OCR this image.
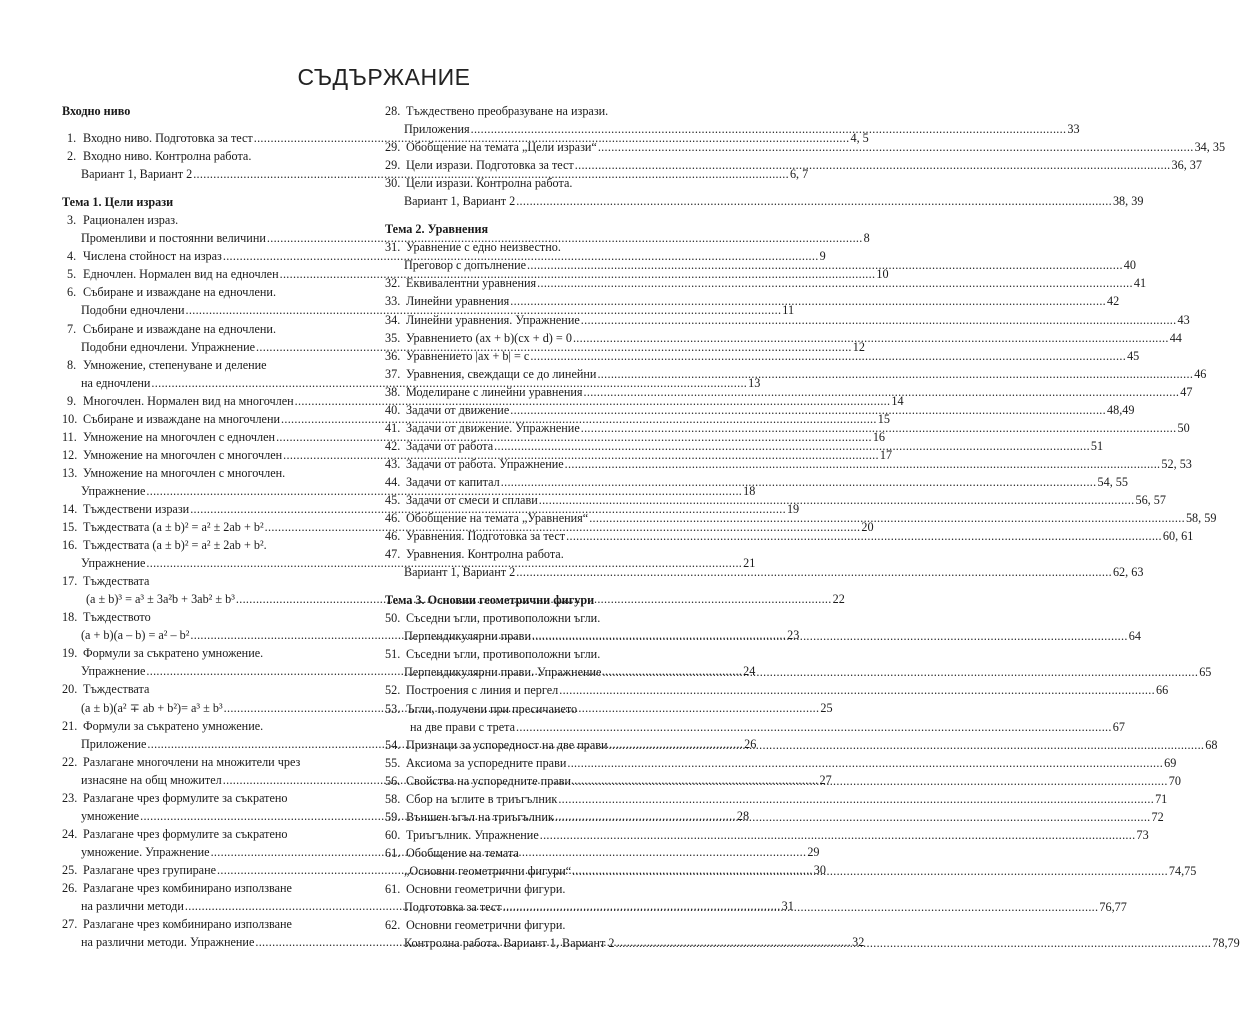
СЪДЪРЖАНИЕ
Входно ниво
1. Входно ниво. Подготовка за тест .....	4, 5
2. Входно ниво. Контролна работа.
Вариант 1, Вариант 2 .....	6, 7
Тема 1. Цели изрази
3. Рационален израз.
Променливи и постоянни величини .....	8
4. Числена стойност на израз .....	9
5. Едночлен. Нормален вид на едночлен .....	10
6. Събиране и изваждане на едночлени.
Подобни едночлени .....	11
7. Събиране и изваждане на едночлени.
Подобни едночлени. Упражнение .....	12
8. Умножение, степенуване и деление
на едночлени .....	13
9. Многочлен. Нормален вид на многочлен .....	14
10. Събиране и изваждане на многочлени .....	15
11. Умножение на многочлен с едночлен .....	16
12. Умножение на многочлен с многочлен .....	17
13. Умножение на многочлен с многочлен.
Упражнение .....	18
14. Тъждествени изрази .....	19
15. Тъждествата (a ± b)² = a² ± 2ab + b² .....	20
16. Тъждествата (a ± b)² = a² ± 2ab + b².
Упражнение .....	21
17. Тъждествата
(a ± b)³ = a³ ± 3a²b + 3ab² ± b³ .....	22
18. Тъждеството
(a + b)(a – b) = a² – b² .....	23
19. Формули за съкратено умножение.
Упражнение .....	24
20. Тъждествата
(a ± b)(a² ∓ ab + b²)= a³ ± b³ .....	25
21. Формули за съкратено умножение.
Приложение .....	26
22. Разлагане многочлени на множители чрез
изнасяне на общ множител .....	27
23. Разлагане чрез формулите за съкратено
умножение .....	28
24. Разлагане чрез формулите за съкратено
умножение. Упражнение .....	29
25. Разлагане чрез групиране .....	30
26. Разлагане чрез комбинирано използване
на различни методи .....	31
27. Разлагане чрез комбинирано използване
на различни методи. Упражнение .....	32
28. Тъждествено преобразуване на изрази.
Приложения .....	33
29. Обобщение на темата „Цели изрази“ .....	34, 35
29. Цели изрази. Подготовка за тест .....	36, 37
30. Цели изрази. Контролна работа.
Вариант 1, Вариант 2 .....	38, 39
Тема 2. Уравнения
31. Уравнение с едно неизвестно.
Преговор с допълнение .....	40
32. Еквивалентни уравнения .....	41
33. Линейни уравнения .....	42
34. Линейни уравнения. Упражнение .....	43
35. Уравнението (ax + b)(cx + d) = 0 .....	44
36. Уравнението |ax + b| = c .....	45
37. Уравнения, свеждащи се до линейни .....	46
38. Моделиране с линейни уравнения .....	47
40. Задачи от движение .....	48,49
41. Задачи от движение. Упражнение .....	50
42. Задачи от работа .....	51
43. Задачи от работа. Упражнение .....	52, 53
44. Задачи от капитал .....	54, 55
45. Задачи от смеси и сплави .....	56, 57
46. Обобщение на темата „Уравнения“ .....	58, 59
46. Уравнения. Подготовка за тест .....	60, 61
47. Уравнения. Контролна работа.
Вариант 1, Вариант 2 .....	62, 63
Тема 3. Основни геометрични фигури
50. Съседни ъгли, противоположни ъгли.
Перпендикулярни прави .....	64
51. Съседни ъгли, противоположни ъгли.
Перпендикулярни прави. Упражнение .....	65
52. Построения с линия и пергел .....	66
53. Ъгли, получени при пресичането
на две прави с трета .....	67
54. Признаци за успоредност на две прави .....	68
55. Аксиома за успоредните прави .....	69
56. Свойства на успоредните прави .....	70
58. Сбор на ъглите в триъгълник .....	71
59. Външен ъгъл на триъгълник .....	72
60. Триъгълник. Упражнение .....	73
61. Обобщение на темата
„Основни геометрични фигури“ .....	74,75
61. Основни геометрични фигури.
Подготовка за тест .....	76,77
62. Основни геометрични фигури.
Контролна работа. Вариант 1, Вариант 2 .....	78,79
